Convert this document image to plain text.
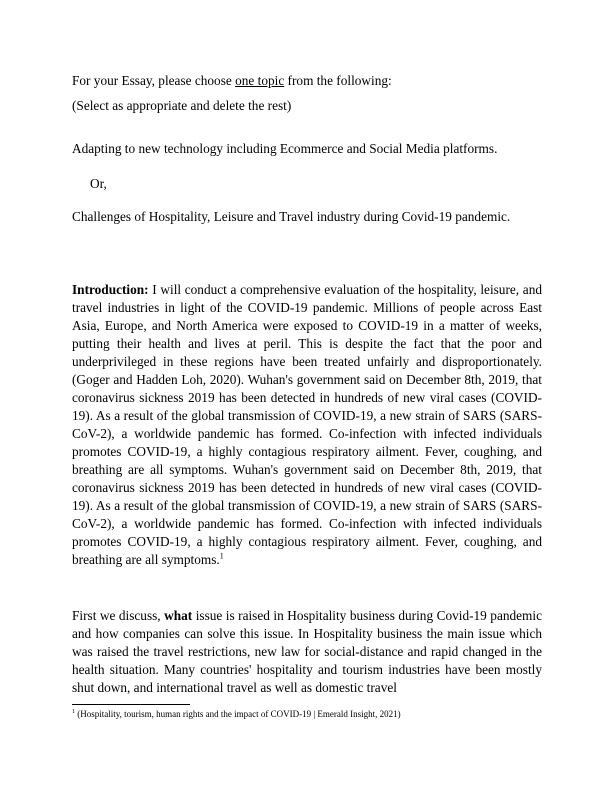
For your Essay, please choose one topic from the following:
(Select as appropriate and delete the rest)
Adapting to new technology including Ecommerce and Social Media platforms.
Or,
Challenges of Hospitality, Leisure and Travel industry during Covid-19 pandemic.
Introduction: I will conduct a comprehensive evaluation of the hospitality, leisure, and travel industries in light of the COVID-19 pandemic. Millions of people across East Asia, Europe, and North America were exposed to COVID-19 in a matter of weeks, putting their health and lives at peril. This is despite the fact that the poor and underprivileged in these regions have been treated unfairly and disproportionately. (Goger and Hadden Loh, 2020). Wuhan's government said on December 8th, 2019, that coronavirus sickness 2019 has been detected in hundreds of new viral cases (COVID-19). As a result of the global transmission of COVID-19, a new strain of SARS (SARS-CoV-2), a worldwide pandemic has formed. Co-infection with infected individuals promotes COVID-19, a highly contagious respiratory ailment. Fever, coughing, and breathing are all symptoms. Wuhan's government said on December 8th, 2019, that coronavirus sickness 2019 has been detected in hundreds of new viral cases (COVID-19). As a result of the global transmission of COVID-19, a new strain of SARS (SARS-CoV-2), a worldwide pandemic has formed. Co-infection with infected individuals promotes COVID-19, a highly contagious respiratory ailment. Fever, coughing, and breathing are all symptoms.$^1$
First we discuss, what issue is raised in Hospitality business during Covid-19 pandemic and how companies can solve this issue. In Hospitality business the main issue which was raised the travel restrictions, new law for social-distance and rapid changed in the health situation. Many countries' hospitality and tourism industries have been mostly shut down, and international travel as well as domestic travel
$^1$ (Hospitality, tourism, human rights and the impact of COVID-19 | Emerald Insight, 2021)
